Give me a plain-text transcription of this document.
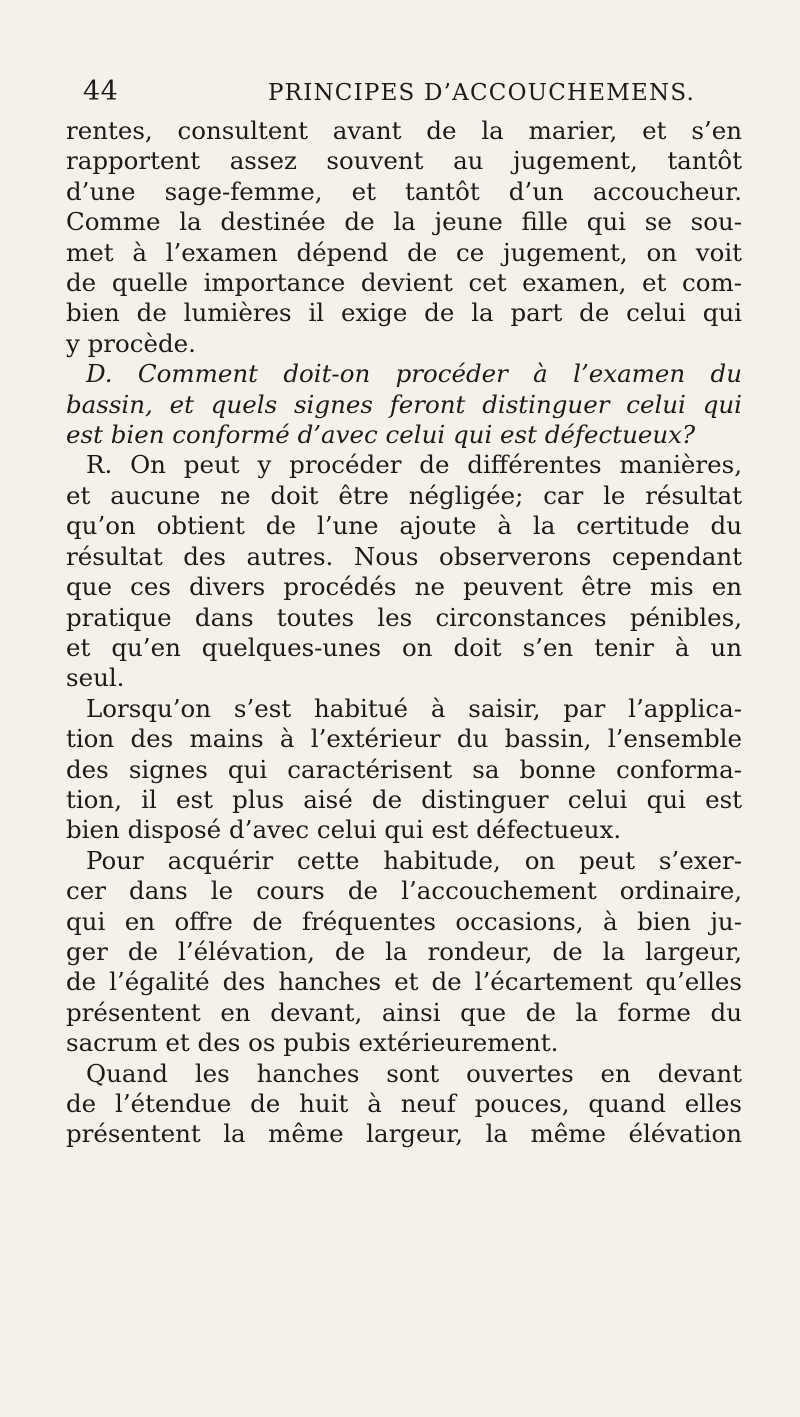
44	PRINCIPES D’ACCOUCHEMENS.
rentes, consultent avant de la marier, et s’en
rapportent assez souvent au jugement, tantôt
d’une sage-femme, et tantôt d’un accoucheur.
Comme la destinée de la jeune fille qui se sou-
met à l’examen dépend de ce jugement, on voit
de quelle importance devient cet examen, et com-
bien de lumières il exige de la part de celui qui
y procède.
D. Comment doit-on procéder à l’examen du
bassin, et quels signes feront distinguer celui qui
est bien conformé d’avec celui qui est défectueux?
R. On peut y procéder de différentes manières,
et aucune ne doit être négligée; car le résultat
qu’on obtient de l’une ajoute à la certitude du
résultat des autres. Nous observerons cependant
que ces divers procédés ne peuvent être mis en
pratique dans toutes les circonstances pénibles,
et qu’en quelques-unes on doit s’en tenir à un
seul.
Lorsqu’on s’est habitué à saisir, par l’applica-
tion des mains à l’extérieur du bassin, l’ensemble
des signes qui caractérisent sa bonne conforma-
tion, il est plus aisé de distinguer celui qui est
bien disposé d’avec celui qui est défectueux.
Pour acquérir cette habitude, on peut s’exer-
cer dans le cours de l’accouchement ordinaire,
qui en offre de fréquentes occasions, à bien ju-
ger de l’élévation, de la rondeur, de la largeur,
de l’égalité des hanches et de l’écartement qu’elles
présentent en devant, ainsi que de la forme du
sacrum et des os pubis extérieurement.
Quand les hanches sont ouvertes en devant
de l’étendue de huit à neuf pouces, quand elles
présentent la même largeur, la même élévation
